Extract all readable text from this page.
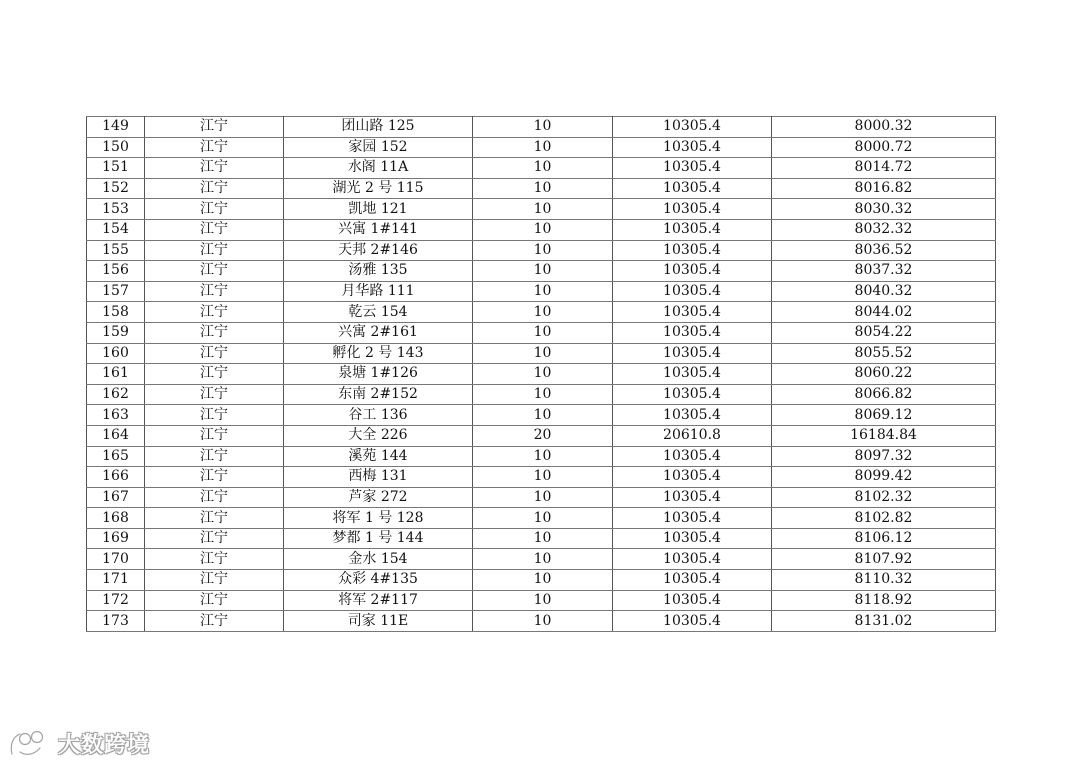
149	江宁	团山路 125	10	10305.4	8000.32
150	江宁	家园 152	10	10305.4	8000.72
151	江宁	水阁 11A	10	10305.4	8014.72
152	江宁	湖光 2 号 115	10	10305.4	8016.82
153	江宁	凯地 121	10	10305.4	8030.32
154	江宁	兴寓 1#141	10	10305.4	8032.32
155	江宁	天邦 2#146	10	10305.4	8036.52
156	江宁	汤雅 135	10	10305.4	8037.32
157	江宁	月华路 111	10	10305.4	8040.32
158	江宁	乾云 154	10	10305.4	8044.02
159	江宁	兴寓 2#161	10	10305.4	8054.22
160	江宁	孵化 2 号 143	10	10305.4	8055.52
161	江宁	泉塘 1#126	10	10305.4	8060.22
162	江宁	东南 2#152	10	10305.4	8066.82
163	江宁	谷工 136	10	10305.4	8069.12
164	江宁	大全 226	20	20610.8	16184.84
165	江宁	溪苑 144	10	10305.4	8097.32
166	江宁	西梅 131	10	10305.4	8099.42
167	江宁	芦家 272	10	10305.4	8102.32
168	江宁	将军 1 号 128	10	10305.4	8102.82
169	江宁	梦都 1 号 144	10	10305.4	8106.12
170	江宁	金水 154	10	10305.4	8107.92
171	江宁	众彩 4#135	10	10305.4	8110.32
172	江宁	将军 2#117	10	10305.4	8118.92
173	江宁	司家 11E	10	10305.4	8131.02
大数跨境
